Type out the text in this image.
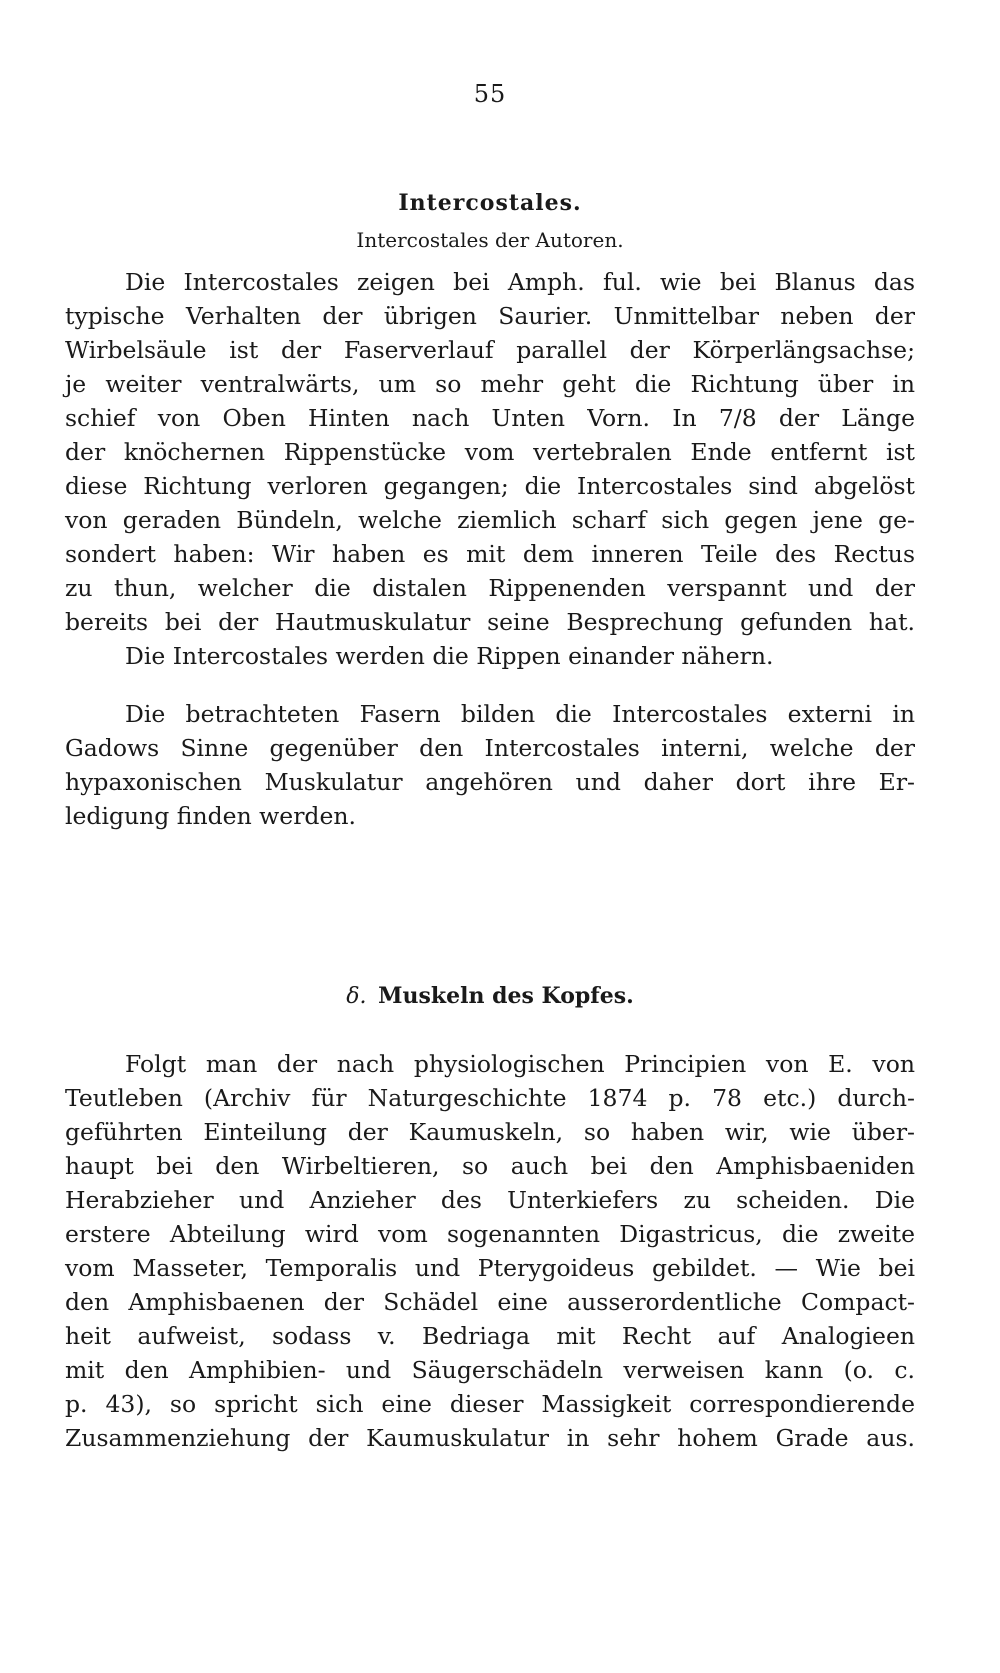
55
Intercostales.
Intercostales der Autoren.
Die Intercostales zeigen bei Amph. ful. wie bei Blanus das
typische Verhalten der übrigen Saurier. Unmittelbar neben der
Wirbelsäule ist der Faserverlauf parallel der Körperlängsachse;
je weiter ventralwärts, um so mehr geht die Richtung über in
schief von Oben Hinten nach Unten Vorn. In 7/8 der Länge
der knöchernen Rippenstücke vom vertebralen Ende entfernt ist
diese Richtung verloren gegangen; die Intercostales sind abgelöst
von geraden Bündeln, welche ziemlich scharf sich gegen jene ge-
sondert haben: Wir haben es mit dem inneren Teile des Rectus
zu thun, welcher die distalen Rippenenden verspannt und der
bereits bei der Hautmuskulatur seine Besprechung gefunden hat.
Die Intercostales werden die Rippen einander nähern.
Die betrachteten Fasern bilden die Intercostales externi in
Gadows Sinne gegenüber den Intercostales interni, welche der
hypaxonischen Muskulatur angehören und daher dort ihre Er-
ledigung finden werden.
δ. Muskeln des Kopfes.
Folgt man der nach physiologischen Principien von E. von
Teutleben (Archiv für Naturgeschichte 1874 p. 78 etc.) durch-
geführten Einteilung der Kaumuskeln, so haben wir, wie über-
haupt bei den Wirbeltieren, so auch bei den Amphisbaeniden
Herabzieher und Anzieher des Unterkiefers zu scheiden. Die
erstere Abteilung wird vom sogenannten Digastricus, die zweite
vom Masseter, Temporalis und Pterygoideus gebildet. — Wie bei
den Amphisbaenen der Schädel eine ausserordentliche Compact-
heit aufweist, sodass v. Bedriaga mit Recht auf Analogieen
mit den Amphibien- und Säugerschädeln verweisen kann (o. c.
p. 43), so spricht sich eine dieser Massigkeit correspondierende
Zusammenziehung der Kaumuskulatur in sehr hohem Grade aus.
